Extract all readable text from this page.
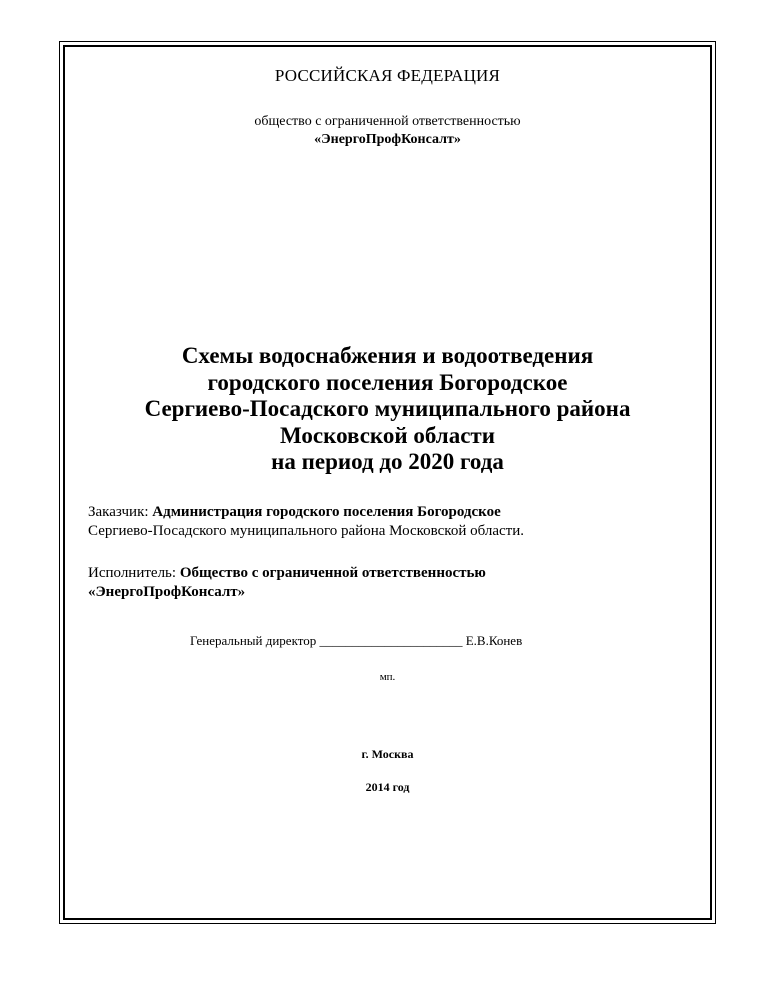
РОССИЙСКАЯ ФЕДЕРАЦИЯ
общество с ограниченной ответственностью
«ЭнергоПрофКонсалт»
Схемы водоснабжения и водоотведения
городского поселения Богородское
Сергиево-Посадского муниципального района
Московской области
на период до 2020 года
Заказчик: Администрация городского поселения Богородское
Сергиево-Посадского муниципального района Московской области.
Исполнитель: Общество с ограниченной ответственностью
«ЭнергоПрофКонсалт»
Генеральный директор ______________________ Е.В.Конев
мп.
г. Москва
2014 год
